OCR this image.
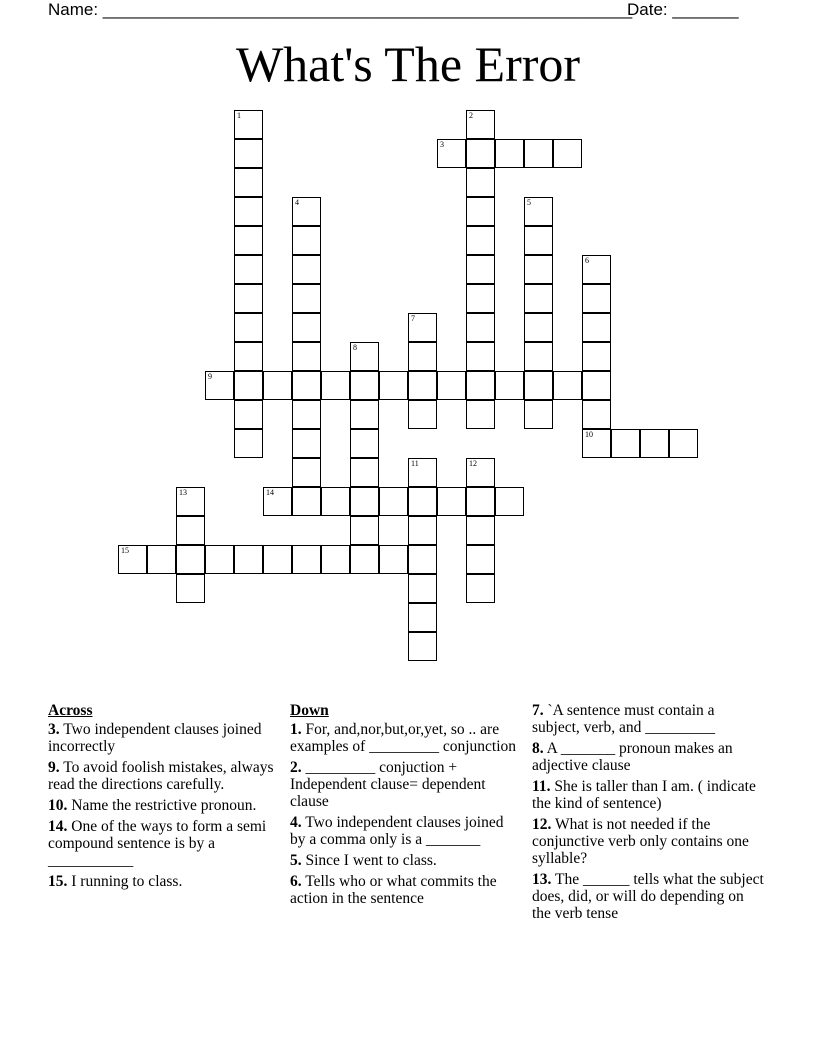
Name: ________________________________________________________
Date: _______
What's The Error
1	2
3
4	5
6
10
7
8
9
11	12
13	14
15
Across
3. Two independent clauses joined incorrectly
9. To avoid foolish mistakes, always read the directions carefully.
10. Name the restrictive pronoun.
14. One of the ways to form a semi compound sentence is by a ___________
15. I running to class.
Down
1. For, and,nor,but,or,yet, so .. are examples of _________ conjunction
2. _________ conjuction + Independent clause= dependent clause
4. Two independent clauses joined by a comma only is a _______
5. Since I went to class.
6. Tells who or what commits the action in the sentence
7. `A sentence must contain a subject, verb, and _________
8. A _______ pronoun makes an adjective clause
11. She is taller than I am. ( indicate the kind of sentence)
12. What is not needed if the conjunctive verb only contains one syllable?
13. The ______ tells what the subject does, did, or will do depending on the verb tense
